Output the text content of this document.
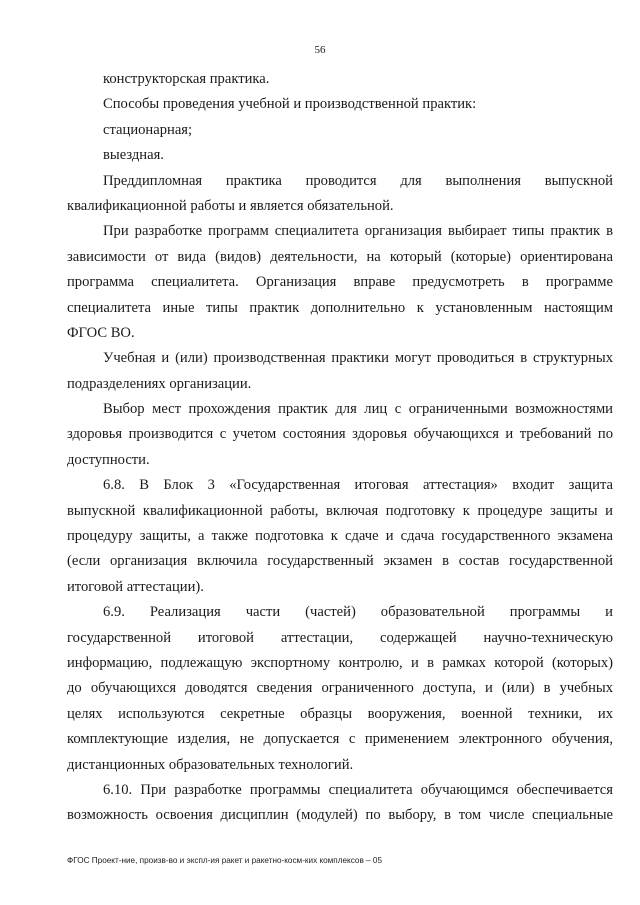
56
конструкторская практика.
Способы проведения учебной и производственной практик:
стационарная;
выездная.
Преддипломная практика проводится для выполнения выпускной
квалификационной работы и является обязательной.
При разработке программ специалитета организация выбирает типы практик в
зависимости от вида (видов) деятельности, на который (которые) ориентирована
программа специалитета. Организация вправе предусмотреть в программе
специалитета иные типы практик дополнительно к установленным настоящим
ФГОС ВО.
Учебная и (или) производственная практики могут проводиться в структурных
подразделениях организации.
Выбор мест прохождения практик для лиц с ограниченными возможностями
здоровья производится с учетом состояния здоровья обучающихся и требований по
доступности.
6.8. В Блок 3 «Государственная итоговая аттестация» входит защита
выпускной квалификационной работы, включая подготовку к процедуре защиты и
процедуру защиты, а также подготовка к сдаче и сдача государственного экзамена
(если организация включила государственный экзамен в состав государственной
итоговой аттестации).
6.9. Реализация части (частей) образовательной программы и
государственной итоговой аттестации, содержащей научно-техническую
информацию, подлежащую экспортному контролю, и в рамках которой (которых)
до обучающихся доводятся сведения ограниченного доступа, и (или) в учебных
целях используются секретные образцы вооружения, военной техники, их
комплектующие изделия, не допускается с применением электронного обучения,
дистанционных образовательных технологий.
6.10. При разработке программы специалитета обучающимся обеспечивается
возможность освоения дисциплин (модулей) по выбору, в том числе специальные
ФГОС Проект-ние, произв-во и экспл-ия ракет и ракетно-косм-ких комплексов – 05
